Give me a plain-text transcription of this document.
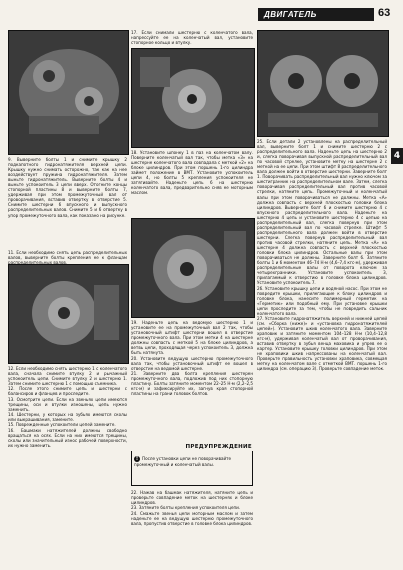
ДВИГАТЕЛЬ	63
4

9. Выверните болты 1 и снимите крышку 2 подкапотного гидронатяжителя верхней цепи. Крышку нужно снимать осторожно, так как на нее воздействует пружина гидронатяжителя. Затем выньте гидронатяжитель. Выверните болты 4 и выньте успокоитель 3 цепи вверх. Отогните концы стопорной пластины 8 и выверните болты 7, удерживая при этом промежуточный вал от проворачивания, вставив отвертку в отверстие 5. Снимите шестерни 6 впускного и выпускного распределительных валов. Снимите 5 и 6 отвертку в упор промежуточного вала, как показано на рисунке.

12. Если необходимо снять шестерню 1 с коленчатого вала, сначала снимите втулку 2 и рычажный успокоитель цепи. Снимите втулку 2 и шестерню 1. Затем снимите шестерню 1 с помощью съемника.

12. После этого снимите цепь и шестерни с балансиров и фланцев и проследите.

13. Осмотрите цепи. Если на звеньях цепи имеются трещины, оси и втулки изношены, цепь нужно заменить.

14. Шестерни, у которых на зубьях имеются сколы или выкрашивания, замените.

15. Поврежденные успокоители цепей замените.

16. Башмаки натяжителей должны свободно вращаться на осях. Если на них имеются трещины, сколы или значительный износ рабочей поверхности, их нужно заменить.

11. Если необходимо снять цепь распределительных валов, выверните болты крепления ее к фланцам распределительных валов.

17. Если снимали шестерню с коленчатого вала, напрессуйте ее на коленчатый вал, установите стопорное кольцо и втулку.

18. Установите шпонку 1 в паз на коленчатом валу. Поверните коленчатый вал так, чтобы метка «3» на шестерне коленчатого вала совпадала с меткой «2» на блоке цилиндров. При этом поршень 1-го цилиндра займет положение в ВМТ. Установите успокоитель цепи 4, но болты 5 крепления успокоителя не затягивайте. Наденьте цепь 6 на шестерню коленчатого вала, предварительно сняв ее моторным маслом.

19. Наденьте цепь на ведомую шестерню 1 и установите ее на промежуточный вал 2 так, чтобы установочный штифт шестерни вошел в отверстие промежуточного вала. При этом метки 4 на шестерне должны совпасть с меткой 5 на блоке цилиндров, а ветвь цепи, проходящая через успокоитель 3, должна быть натянута.

20. Установите ведущую шестерню промежуточного вала так, чтобы установочный штифт ее вошел в отверстие на ведомой шестерне.

21. Заверните два болта крепления шестерен промежуточного вала, подложив под них стопорную пластину. Болты затяните моментом 22–25 Н·м (2,2–2,5 кгс·м) и зафиксируйте их, загнув края стопорной пластины на грани головок болтов.

ПРЕДУПРЕЖДЕНИЕ
! После установки цепи не поворачивайте промежуточный и коленчатый валы.

22. Нажав на башмак натяжителя, натяните цепь и проверьте совпадение меток на шестернях и блоке цилиндров.

23. Затяните болты крепления успокоителя цепи.

24. Смажьте звенья цепи моторным маслом и затем наденьте ее на ведущую шестерню промежуточного вала, пропустив отверстие в головке блока цилиндров.

25. Если детали 2 установлены на распределительный вал, выверните болт 1 и снимите шестерню 2 с распределительного вала. Наденьте цепь на шестерню 2 и, слегка поворачивая выпускной распределительный вал по часовой стрелке, установите метку на шестерне 2 с меткой на ее цепи. При этом штифт 8 распределительного вала должен войти в отверстие шестерни. Заверните болт 1. Поворачивать распределительный вал нужно ключом за шестигранник на распределительном вале. Затем, слегка поворачивая распределительный вал против часовой стрелки, натяните цепь. Промежуточный и коленчатый валы при этом поворачиваться не должны. Метка «А» должна совпасть с верхней плоскостью головки блока цилиндров. Выверните болт 6 и снимите шестерню 4 с впускного распределительного вала. Наденьте на шестерню 4 цепь и установите шестерню 4 с цепью на распределительный вал, слегка повернув при этом распределительный вал по часовой стрелке. Штифт 5 распределительного вала должен войти в отверстие шестерни. Слегка повернув распределительный вал против часовой стрелки, натяните цепь. Метка «А» на шестерне 4 должна совпасть с верхней плоскостью головки блока цилиндров. Остальные валы при этом поворачиваться не должны. Заверните болт 6. Затяните болты 1 и 6 моментом 46–74 Н·м (4,6–7,4 кгс·м), удерживая распределительные валы от поворота ключом за четырехгранники. Установите успокоитель 3, прилагаемый к отверстию в головке блока цилиндров. Установите успокоитель 7.

26. Установите крышку цепи и водяной насос. При этом не повредите крышки, прилегающие к блоку цилиндров и головке блока, нанесите полимерный герметик на «Герметик» или подобный ему. При установке крышки цепи проследите за тем, чтобы не повредить сальник коленчатого вала.

27. Установите гидронатяжитель верхней и нижней цепей (см. «Сборка (ниже)» и «установка гидронатяжителей цепей»). Установите шкив коленчатого вала. Заверните храповик и затяните моментом 104–128 Н·м (10,4–12,8 кгс·м), удерживая коленчатый вал от проворачивания, вставив отвертку в зубья венца маховика и упрев ее о картер. Установите крышку головки цилиндров. При этом не храповики шкив напрессованы на коленчатый вал. Проверьте правильность установки храповика, совмещая метку на коленчатом вале с отметкой ВМТ. поршень 1-го цилиндра (см. операцию 3). Проверьте совпадение меток.
